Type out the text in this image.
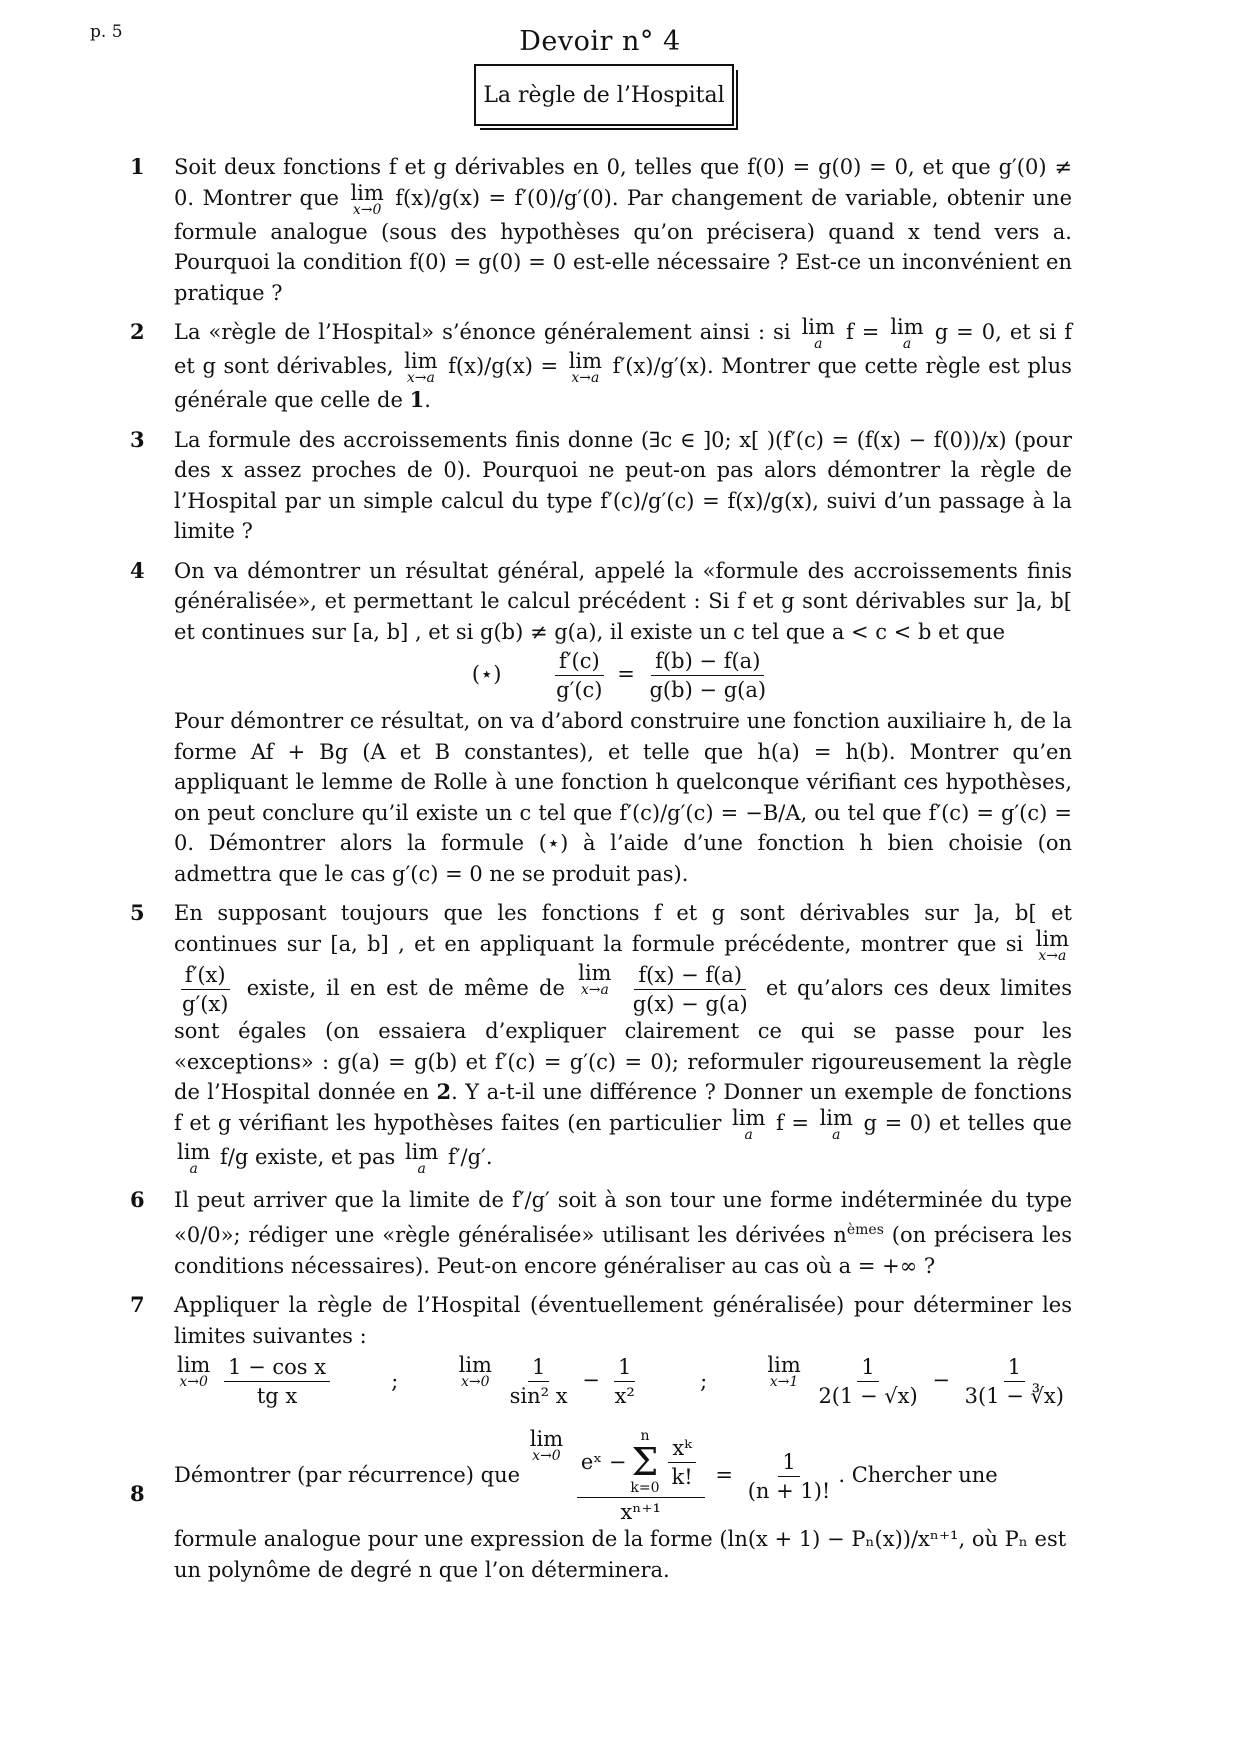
p. 5	Devoir n° 4
La règle de l’Hospital
1	Soit deux fonctions f et g dérivables en 0, telles que f(0) = g(0) = 0, et que g′(0) ≠ 0. Montrer que lim
x→0 f(x)/g(x) = f′(0)/g′(0). Par changement de variable, obtenir une formule analogue (sous des hypothèses qu’on précisera) quand x tend vers a. Pourquoi la condition f(0) = g(0) = 0 est-elle nécessaire ? Est-ce un inconvénient en pratique ?
2	La «règle de l’Hospital» s’énonce généralement ainsi : si lim
a f = lim
a g = 0, et si f et g sont dérivables, lim
x→a f(x)/g(x) = lim
x→a f′(x)/g′(x). Montrer que cette règle est plus générale que celle de 1.
3	La formule des accroissements finis donne (∃c ∈ ]0; x[ )(f′(c) = (f(x) − f(0))/x) (pour des x assez proches de 0). Pourquoi ne peut-on pas alors démontrer la règle de l’Hospital par un simple calcul du type f′(c)/g′(c) = f(x)/g(x), suivi d’un passage à la limite ?
4	On va démontrer un résultat général, appelé la «formule des accroissements finis généralisée», et permettant le calcul précédent : Si f et g sont dérivables sur ]a, b[ et continues sur [a, b] , et si g(b) ≠ g(a), il existe un c tel que a < c < b et que
(⋆) $\frac{f'(c)}{g'(c)} = \frac{f(b) - f(a)}{g(b) - g(a)}$
Pour démontrer ce résultat, on va d’abord construire une fonction auxiliaire h, de la forme Af + Bg (A et B constantes), et telle que h(a) = h(b). Montrer qu’en appliquant le lemme de Rolle à une fonction h quelconque vérifiant ces hypothèses, on peut conclure qu’il existe un c tel que f′(c)/g′(c) = −B/A, ou tel que f′(c) = g′(c) = 0. Démontrer alors la formule (⋆) à l’aide d’une fonction h bien choisie (on admettra que le cas g′(c) = 0 ne se produit pas).
5	En supposant toujours que les fonctions f et g sont dérivables sur ]a, b[ et continues sur [a, b] , et en appliquant la formule précédente, montrer que si lim
x→a

$\frac{f'(x)}{g'(x)}$ existe, il en est de même de
lim
x→a
$\frac{f(x) - f(a)}{g(x) - g(a)}$ et qu’alors ces deux limites sont égales (on essaiera d’expliquer clairement ce qui se passe pour les «exceptions» : g(a) = g(b) et f′(c) = g′(c) = 0); reformuler rigoureusement la règle de l’Hospital donnée en 2. Y a-t-il une différence ? Donner un exemple de fonctions f et g vérifiant les hypothèses faites (en particulier lim
a f = lim
a g = 0) et telles que
lim
a f/g existe, et pas lim
a f′/g′.
6	Il peut arriver que la limite de f′/g′ soit à son tour une forme indéterminée du type «0/0»; rédiger une «règle généralisée» utilisant les dérivées $n^{èmes}$ (on précisera les conditions nécessaires). Peut-on encore généraliser au cas où a = +∞ ?
7	Appliquer la règle de l’Hospital (éventuellement généralisée) pour déterminer les limites suivantes :
lim
x→0
$\frac{\text{1 − cos x}}{\text{tg x}}$	;
lim
x→0
$\frac{1}{\text{sin² x}} - \frac{1}{\text{x²}}$	;
lim
x→1
$\frac{1}{2(1 - √x)} - \frac{1}{3(1 - ∛x)}$
8
Démontrer (par récurrence) que
lim
x→0
eˣ −
n
Σ
$k=0 \frac{\text{xᵏ}}{k!}$
$x^{n+1} = \frac{1}{(n + 1)!}$ . Chercher une formule analogue pour une expression de la forme (ln(x + 1) − Pₙ(x))/xⁿ⁺¹, où Pₙ est un polynôme de degré n que l’on déterminera.
